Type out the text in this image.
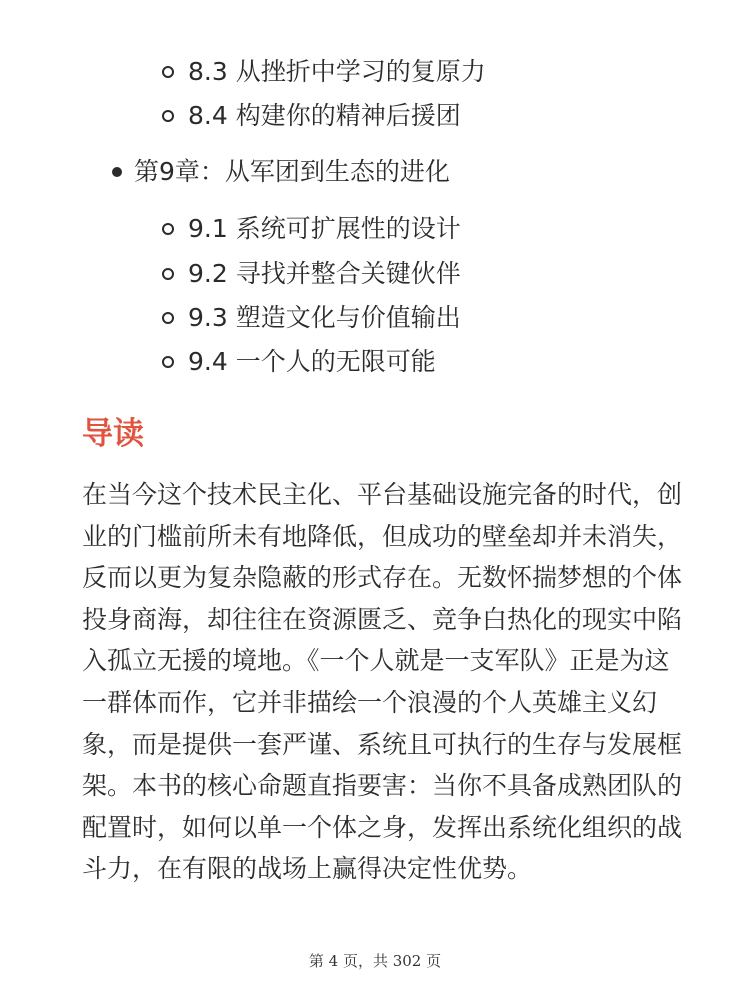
8.3 从挫折中学习的复原力
8.4 构建你的精神后援团
第9章：从军团到生态的进化
9.1 系统可扩展性的设计
9.2 寻找并整合关键伙伴
9.3 塑造文化与价值输出
9.4 一个人的无限可能
导读
在当今这个技术民主化、平台基础设施完备的时代，创业的门槛前所未有地降低，但成功的壁垒却并未消失，反而以更为复杂隐蔽的形式存在。无数怀揣梦想的个体投身商海，却往往在资源匮乏、竞争白热化的现实中陷入孤立无援的境地。《一个人就是一支军队》正是为这一群体而作，它并非描绘一个浪漫的个人英雄主义幻象，而是提供一套严谨、系统且可执行的生存与发展框架。本书的核心命题直指要害：当你不具备成熟团队的配置时，如何以单一个体之身，发挥出系统化组织的战斗力，在有限的战场上赢得决定性优势。
第 4 页，共 302 页
